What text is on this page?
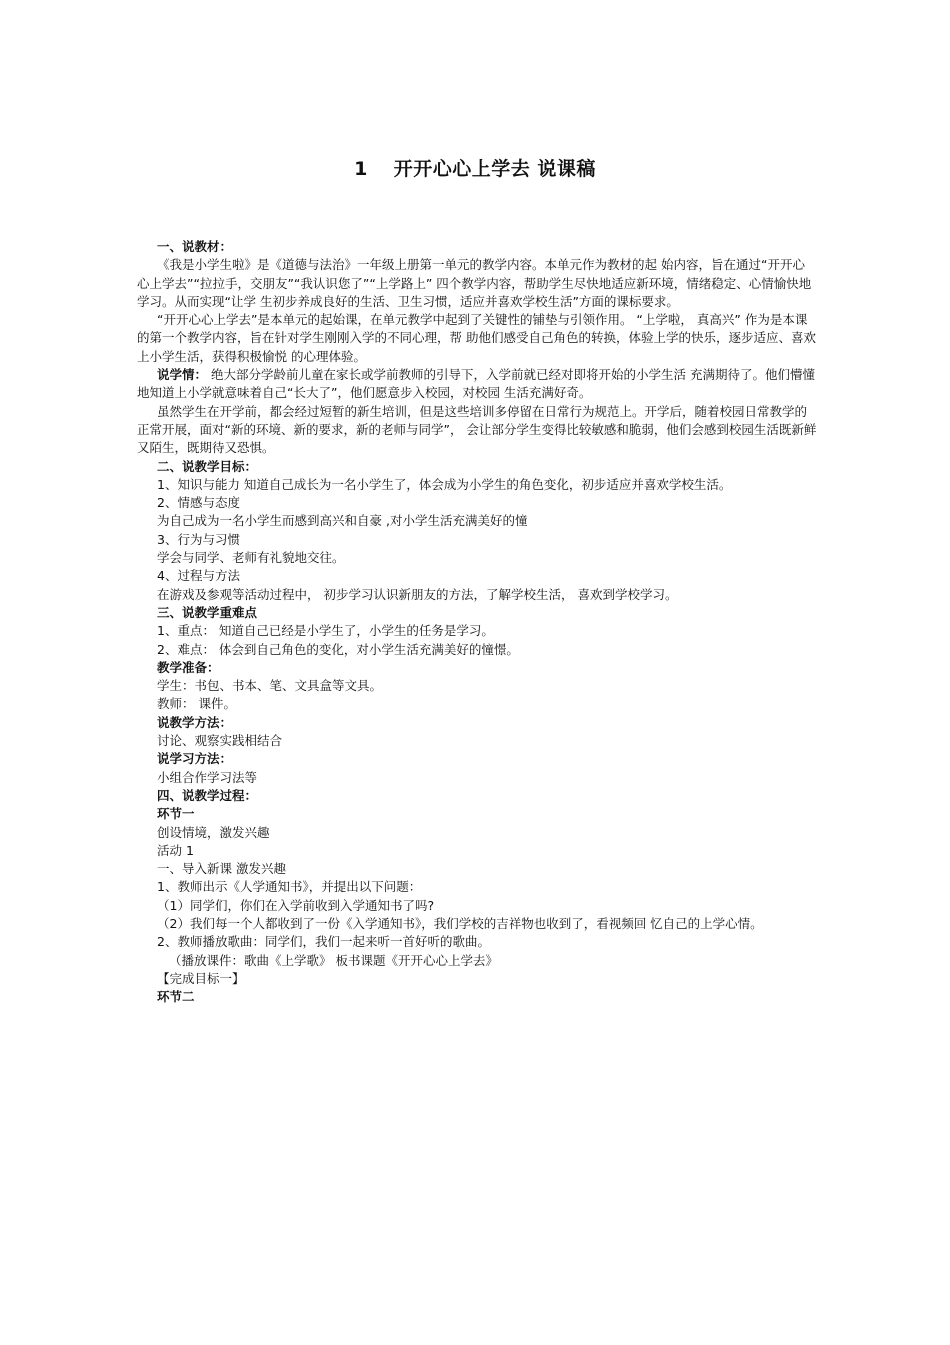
1 开开心心上学去 说课稿

一、说教材：

《我是小学生啦》是《道德与法治》一年级上册第一单元的教学内容。本单元作为教材的起 始内容，旨在通过“开开心心上学去”“拉拉手，交朋友”“我认识您了”“上学路上” 四个教学内容，帮助学生尽快地适应新环境，情绪稳定、心情愉快地学习。从而实现“让学 生初步养成良好的生活、卫生习惯，适应并喜欢学校生活”方面的课标要求。

“开开心心上学去”是本单元的起始课，在单元教学中起到了关键性的铺垫与引领作用。 “上学啦， 真高兴” 作为是本课的第一个教学内容，旨在针对学生刚刚入学的不同心理，帮 助他们感受自己角色的转换，体验上学的快乐，逐步适应、喜欢上小学生活，获得积极愉悦 的心理体验。

说学情： 绝大部分学龄前儿童在家长或学前教师的引导下，入学前就已经对即将开始的小学生活 充满期待了。他们懵懂地知道上小学就意味着自己“长大了”，他们愿意步入校园，对校园 生活充满好奇。

虽然学生在开学前，都会经过短暂的新生培训，但是这些培训多停留在日常行为规范上。开学后，随着校园日常教学的正常开展，面对“新的环境、新的要求，新的老师与同学”， 会让部分学生变得比较敏感和脆弱，他们会感到校园生活既新鲜又陌生，既期待又恐惧。

二、说教学目标：

1、知识与能力 知道自己成长为一名小学生了，体会成为小学生的角色变化，初步适应并喜欢学校生活。

2、情感与态度

为自己成为一名小学生而感到高兴和自豪 ,对小学生活充满美好的憧

3、行为与习惯

学会与同学、老师有礼貌地交往。

4、过程与方法

在游戏及参观等活动过程中， 初步学习认识新朋友的方法，了解学校生活， 喜欢到学校学习。

三、说教学重难点

1、重点： 知道自己已经是小学生了，小学生的任务是学习。

2、难点： 体会到自己角色的变化，对小学生活充满美好的憧憬。

教学准备：

学生：书包、书本、笔、文具盒等文具。

教师： 课件。

说教学方法：

讨论、观察实践相结合

说学习方法：

小组合作学习法等

四、说教学过程：

环节一

创设情境，激发兴趣

活动 1

一、导入新课 激发兴趣

1、教师出示《人学通知书》，并提出以下问题：

（1）同学们，你们在入学前收到入学通知书了吗?

（2）我们每一个人都收到了一份《入学通知书》，我们学校的吉祥物也收到了，看视频回 忆自己的上学心情。

2、教师播放歌曲：同学们，我们一起来听一首好听的歌曲。

（播放课件：歌曲《上学歌》 板书课题《开开心心上学去》

【完成目标一】

环节二
